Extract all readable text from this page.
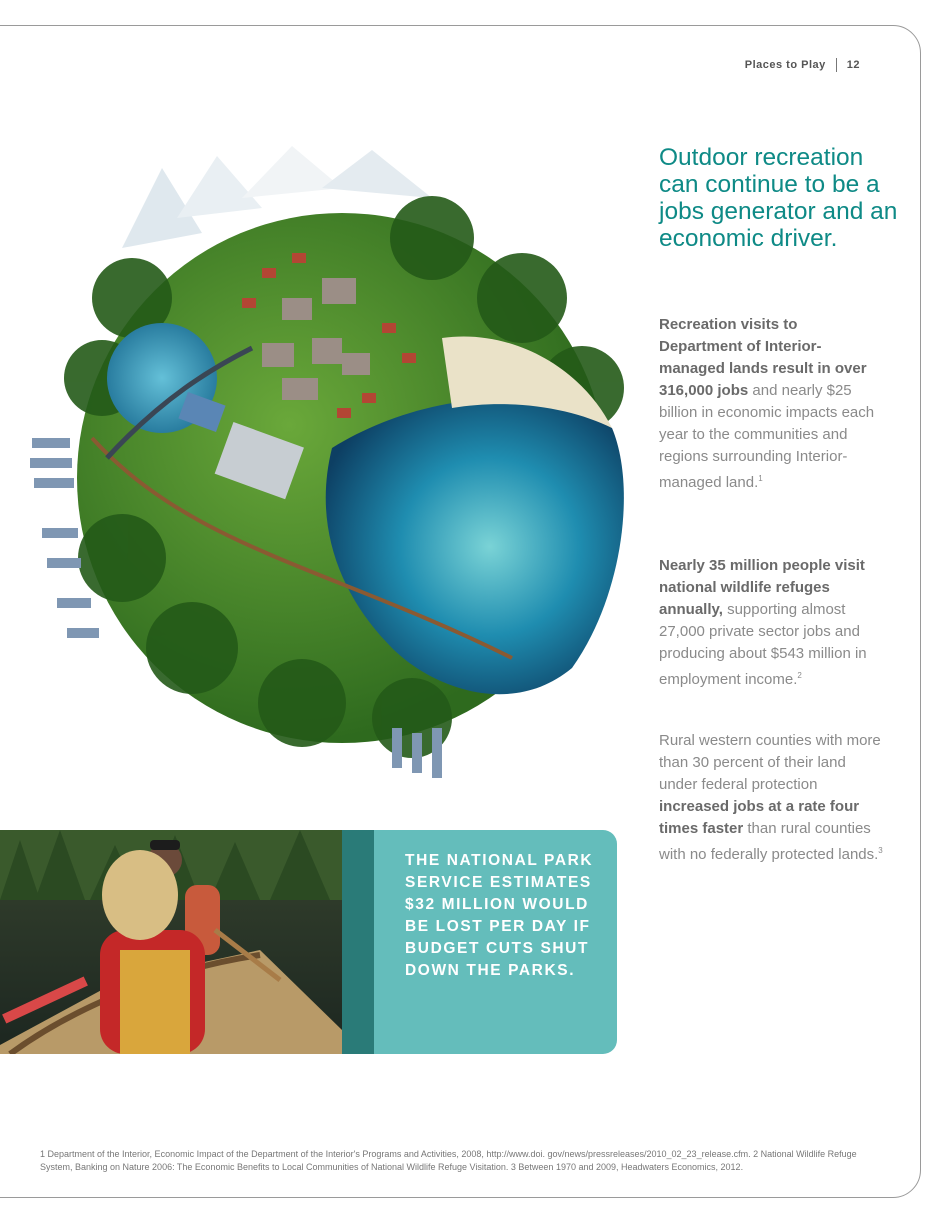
Places to Play 12
Outdoor recreation can continue to be a jobs generator and an economic driver.

Recreation visits to Department of Interior-managed lands result in over 316,000 jobs and nearly $25 billion in economic impacts each year to the communities and regions surrounding Interior-managed land.$^1$

Nearly 35 million people visit national wildlife refuges annually, supporting almost 27,000 private sector jobs and producing about $543 million in employment income.$^2$

Rural western counties with more than 30 percent of their land under federal protection increased jobs at a rate four times faster than rural counties with no federally protected lands.$^3$

THE NATIONAL PARK SERVICE ESTIMATES $32 MILLION WOULD BE LOST PER DAY IF BUDGET CUTS SHUT DOWN THE PARKS.
1 Department of the Interior, Economic Impact of the Department of the Interior's Programs and Activities, 2008, http://www.doi. gov/news/pressreleases/2010_02_23_release.cfm. 2 National Wildlife Refuge System, Banking on Nature 2006: The Economic Benefits to Local Communities of National Wildlife Refuge Visitation. 3 Between 1970 and 2009, Headwaters Economics, 2012.
